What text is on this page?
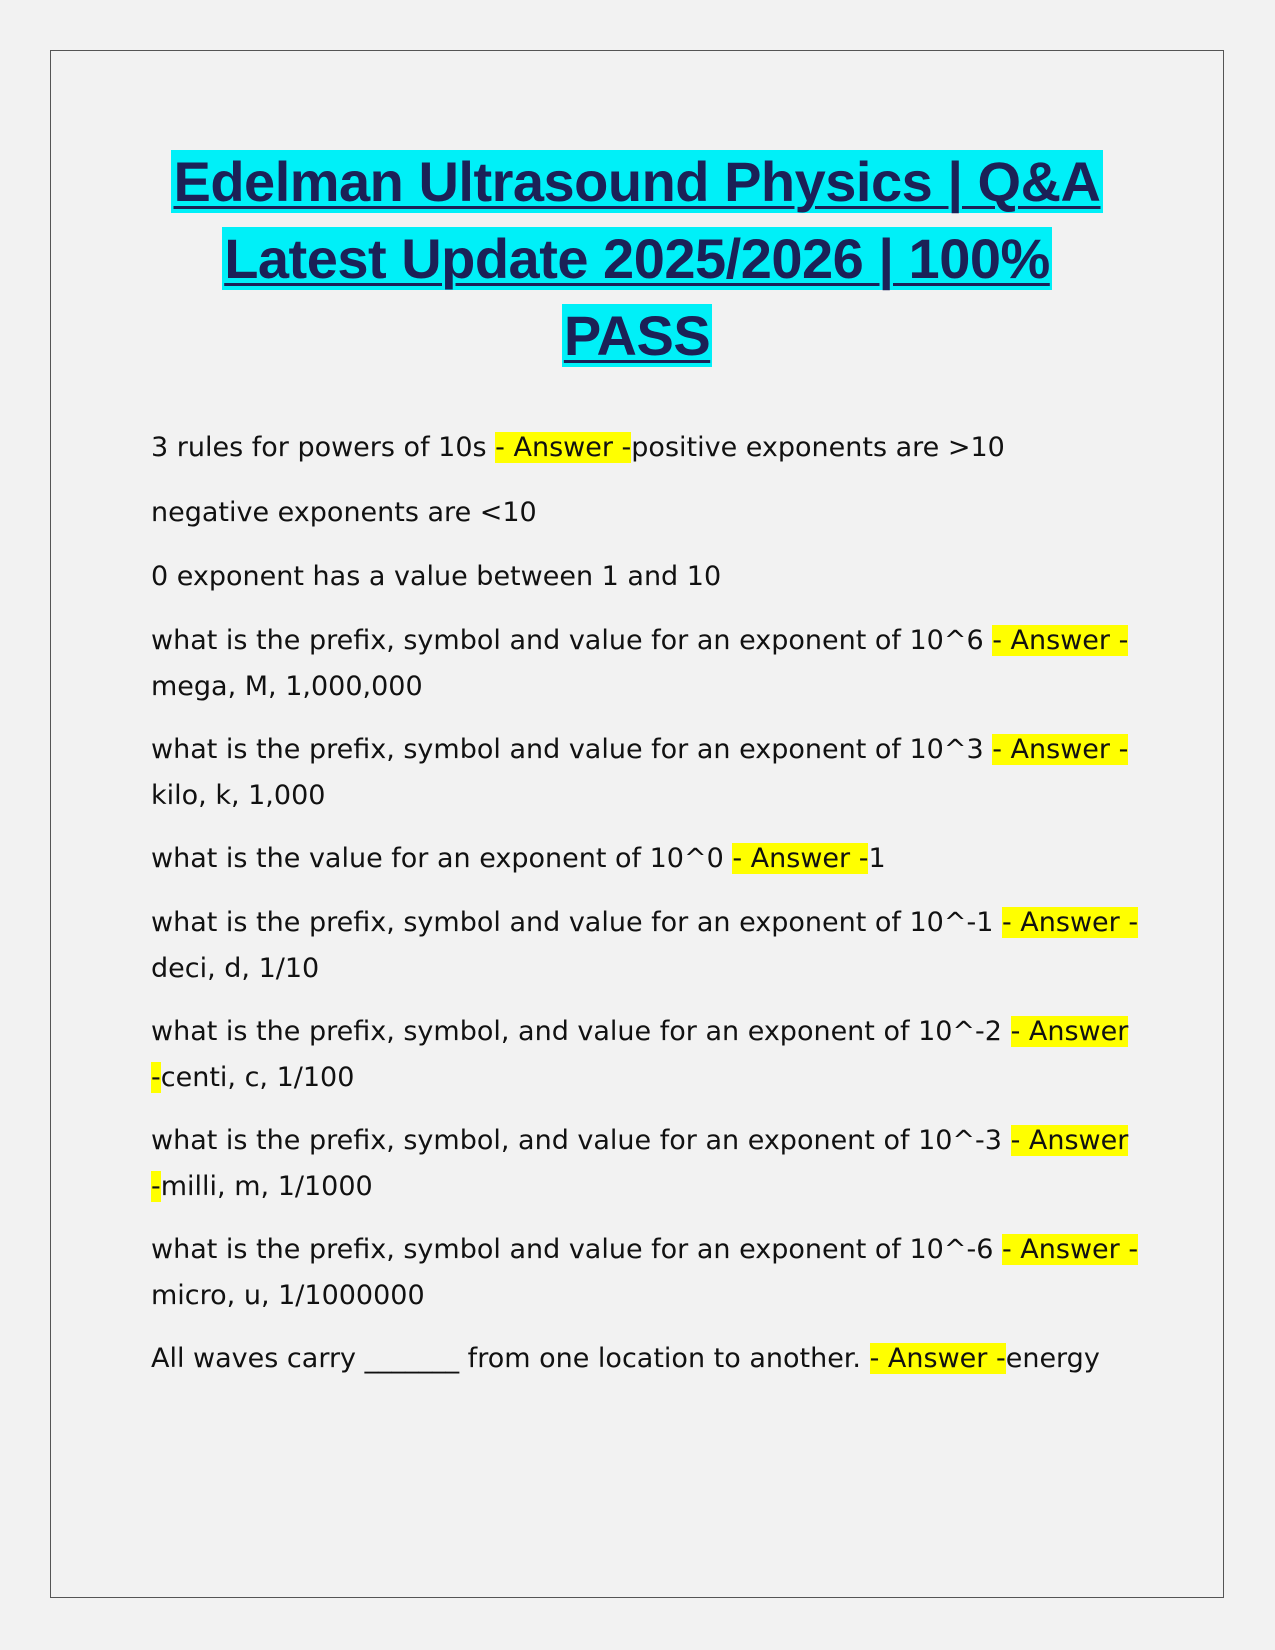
Edelman Ultrasound Physics | Q&A
Latest Update 2025/2026 | 100%
PASS
3 rules for powers of 10s - Answer -positive exponents are >10
negative exponents are <10
0 exponent has a value between 1 and 10
what is the prefix, symbol and value for an exponent of 10^6 - Answer -
mega, M, 1,000,000
what is the prefix, symbol and value for an exponent of 10^3 - Answer -
kilo, k, 1,000
what is the value for an exponent of 10^0 - Answer -1
what is the prefix, symbol and value for an exponent of 10^-1 - Answer -
deci, d, 1/10
what is the prefix, symbol, and value for an exponent of 10^-2 - Answer
-centi, c, 1/100
what is the prefix, symbol, and value for an exponent of 10^-3 - Answer
-milli, m, 1/1000
what is the prefix, symbol and value for an exponent of 10^-6 - Answer -
micro, u, 1/1000000
All waves carry _______ from one location to another. - Answer -energy
